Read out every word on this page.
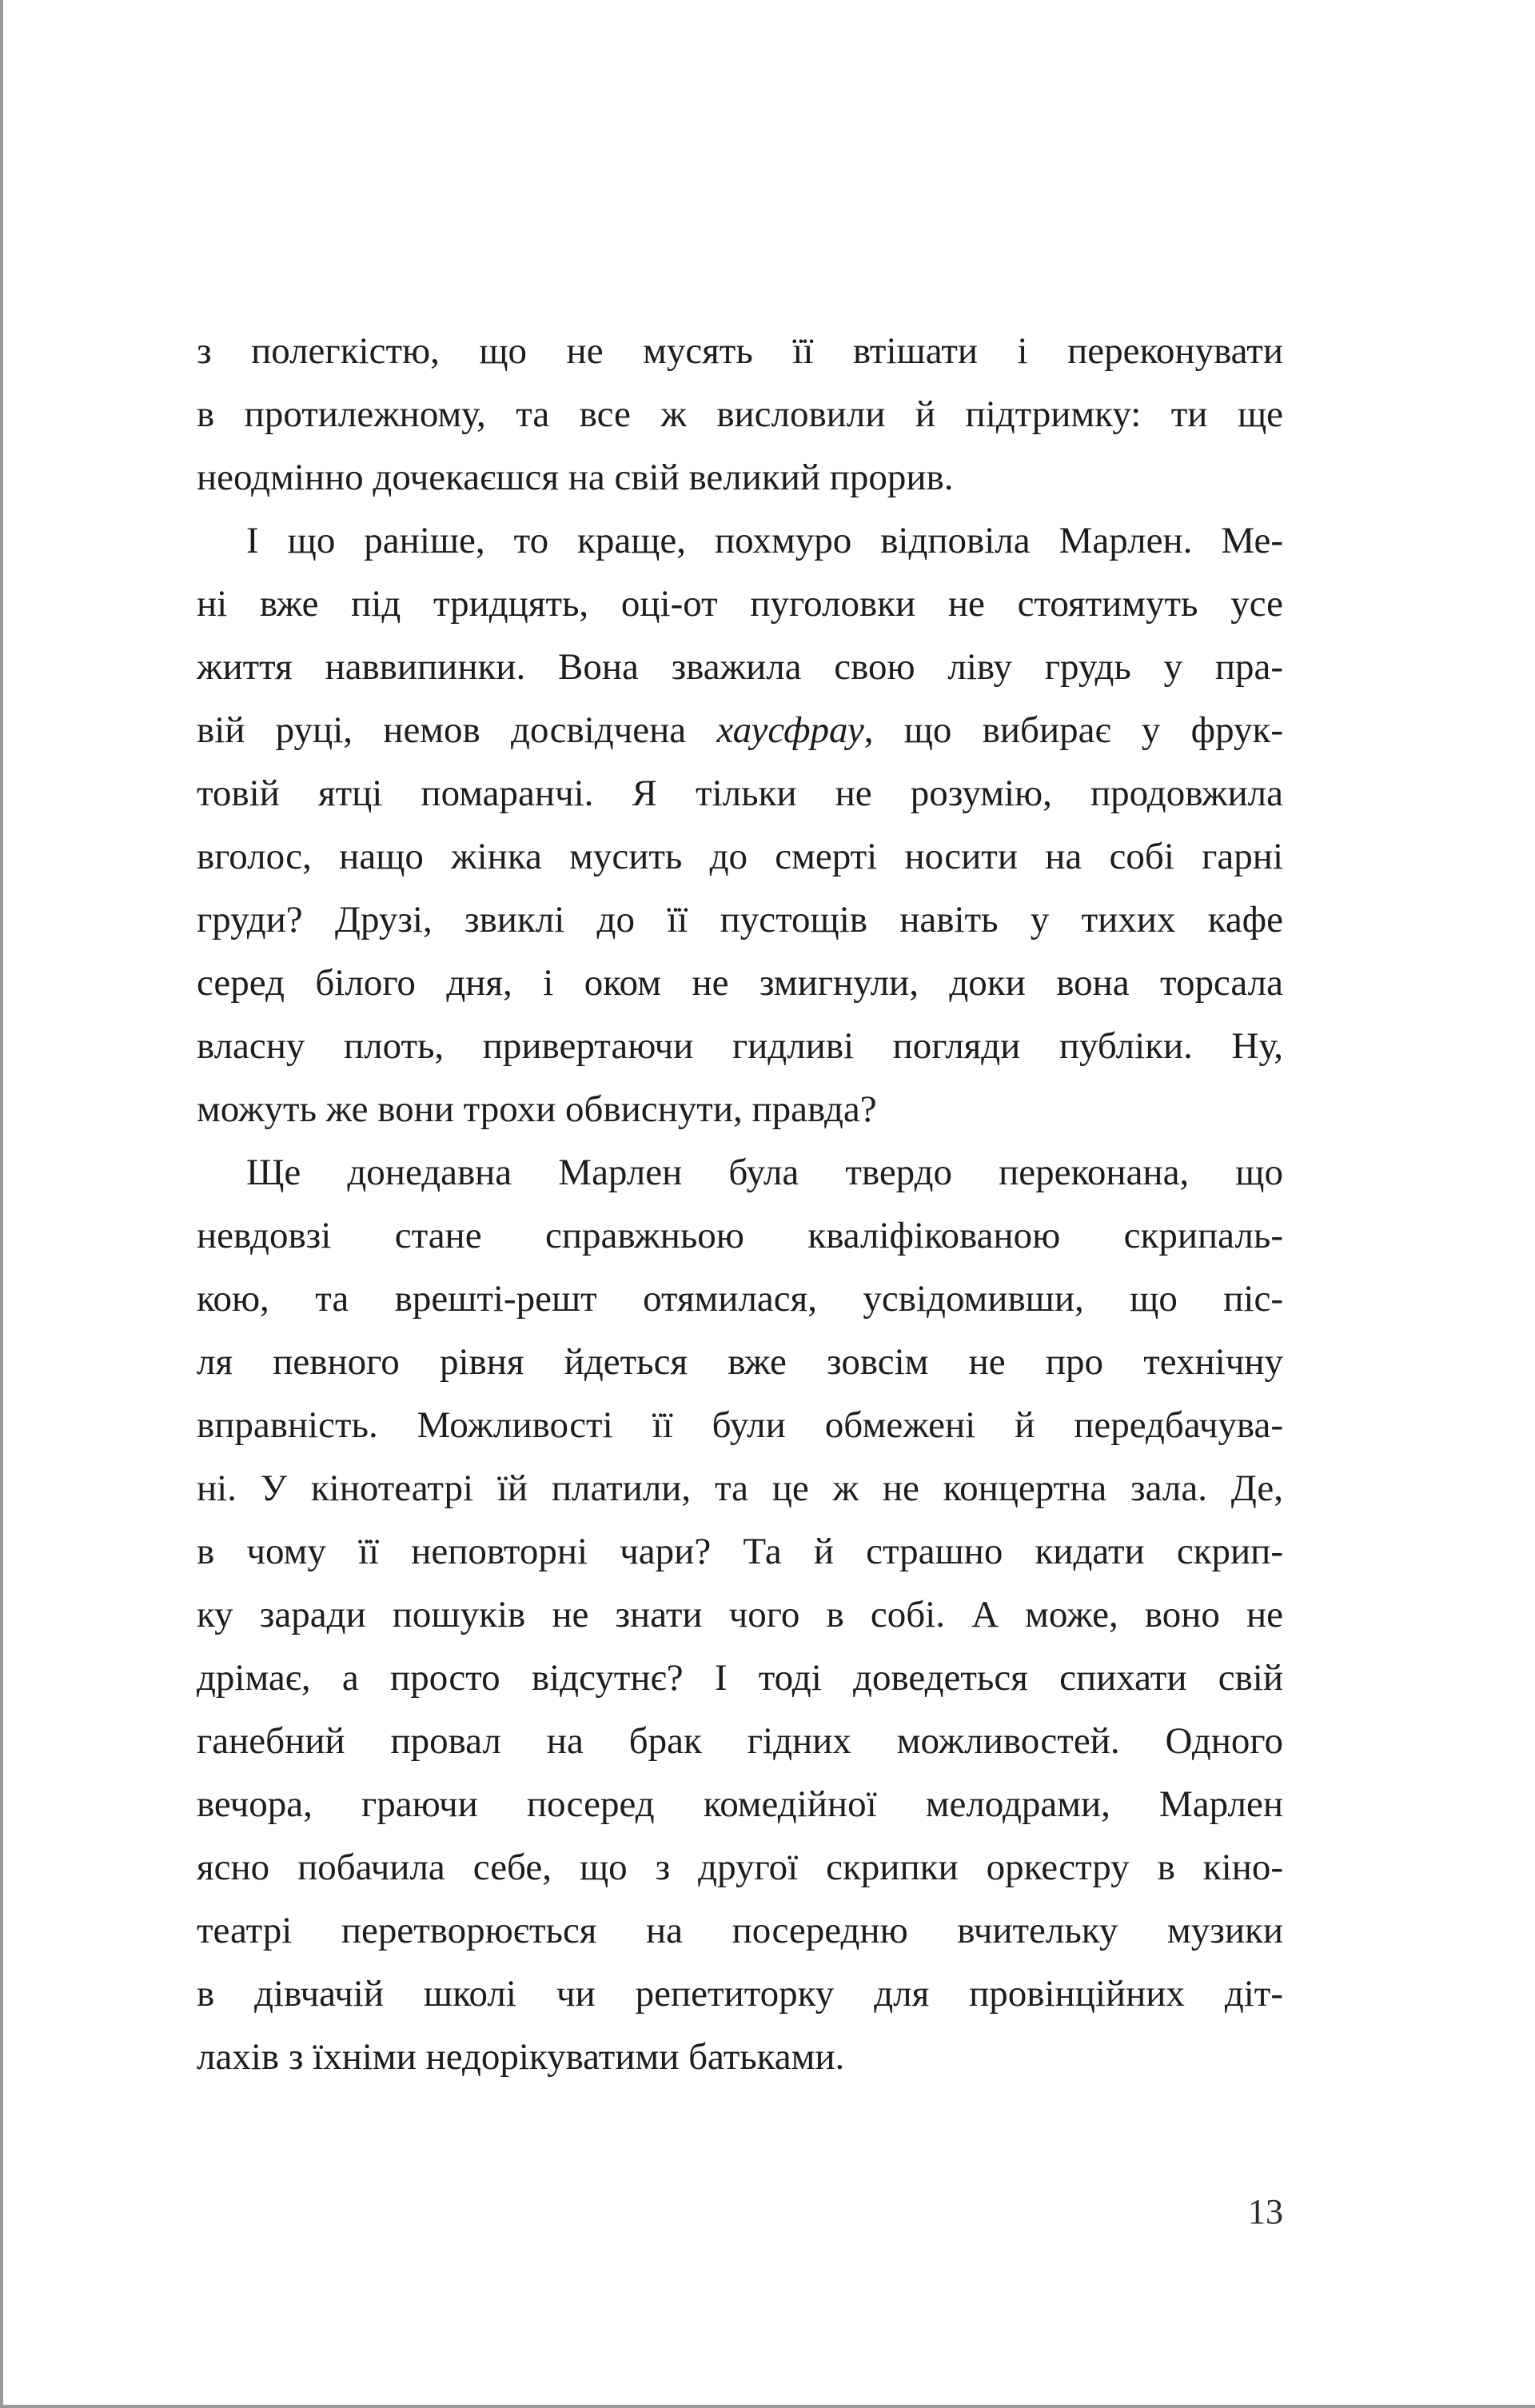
з полегкістю, що не мусять її втішати і переконувати
в протилежному, та все ж висловили й підтримку: ти ще
неодмінно дочекаєшся на свій великий прорив.
І що раніше, то краще, похмуро відповіла Марлен. Ме-
ні вже під тридцять, оці-от пуголовки не стоятимуть усе
життя наввипинки. Вона зважила свою ліву грудь у пра-
вій руці, немов досвідчена хаусфрау, що вибирає у фрук-
товій ятці помаранчі. Я тільки не розумію, продовжила
вголос, нащо жінка мусить до смерті носити на собі гарні
груди? Друзі, звиклі до її пустощів навіть у тихих кафе
серед білого дня, і оком не змигнули, доки вона торсала
власну плоть, привертаючи гидливі погляди публіки. Ну,
можуть же вони трохи обвиснути, правда?
Ще донедавна Марлен була твердо переконана, що
невдовзі стане справжньою кваліфікованою скрипаль-
кою, та врешті-решт отямилася, усвідомивши, що піс-
ля певного рівня йдеться вже зовсім не про технічну
вправність. Можливості її були обмежені й передбачува-
ні. У кінотеатрі їй платили, та це ж не концертна зала. Де,
в чому її неповторні чари? Та й страшно кидати скрип-
ку заради пошуків не знати чого в собі. А може, воно не
дрімає, а просто відсутнє? І тоді доведеться спихати свій
ганебний провал на брак гідних можливостей. Одного
вечора, граючи посеред комедійної мелодрами, Марлен
ясно побачила себе, що з другої скрипки оркестру в кіно-
театрі перетворюється на посередню вчительку музики
в дівчачій школі чи репетиторку для провінційних діт-
лахів з їхніми недорікуватими батьками.
13
